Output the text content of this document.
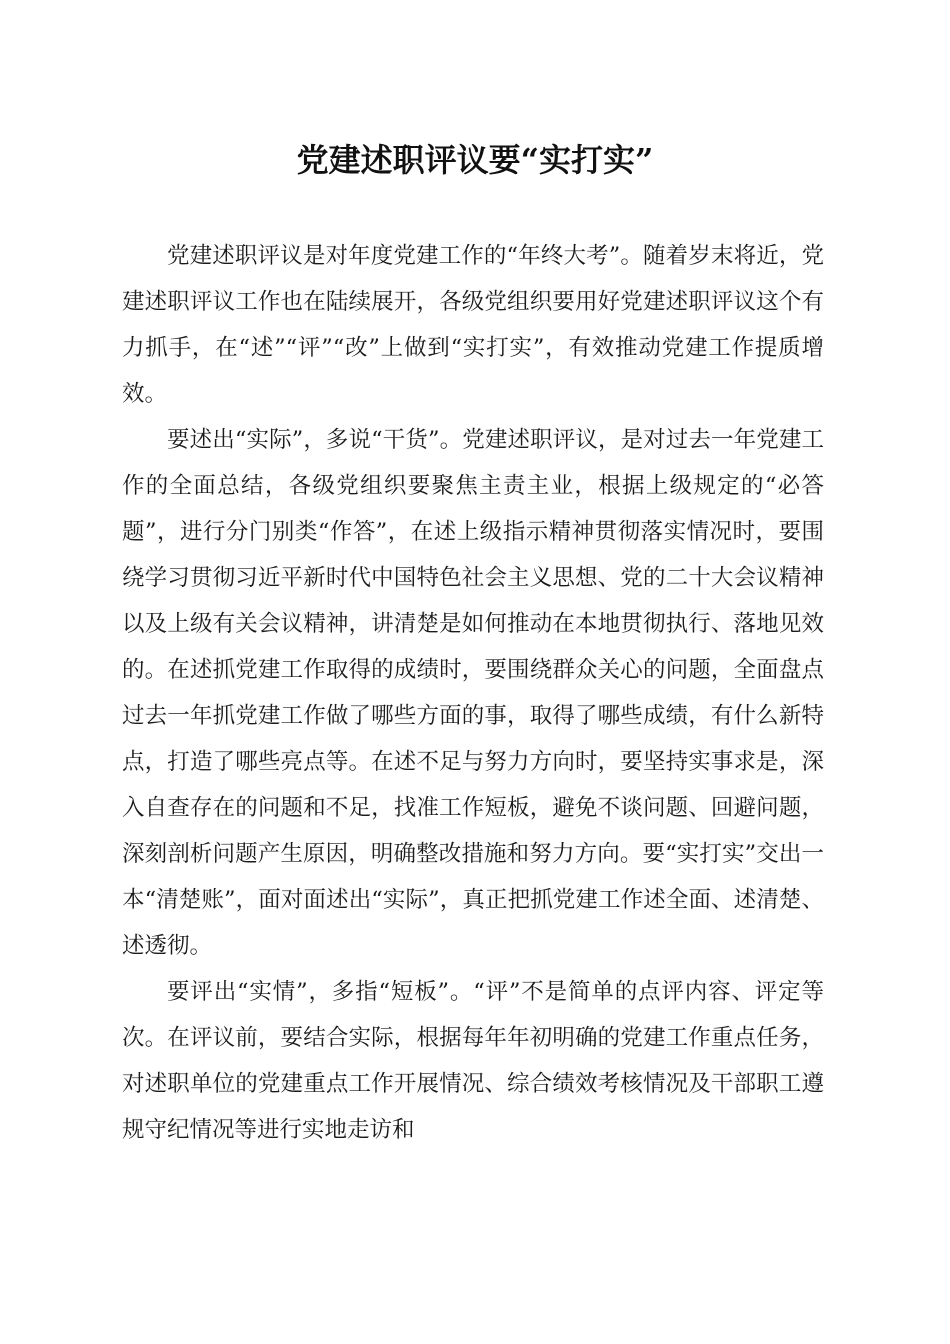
党建述职评议要“实打实”

党建述职评议是对年度党建工作的“年终大考”。随着岁末将近，党建述职评议工作也在陆续展开，各级党组织要用好党建述职评议这个有力抓手，在“述”“评”“改”上做到“实打实”，有效推动党建工作提质增效。

要述出“实际”，多说“干货”。党建述职评议，是对过去一年党建工作的全面总结，各级党组织要聚焦主责主业，根据上级规定的“必答题”，进行分门别类“作答”，在述上级指示精神贯彻落实情况时，要围绕学习贯彻习近平新时代中国特色社会主义思想、党的二十大会议精神以及上级有关会议精神，讲清楚是如何推动在本地贯彻执行、落地见效的。在述抓党建工作取得的成绩时，要围绕群众关心的问题，全面盘点过去一年抓党建工作做了哪些方面的事，取得了哪些成绩，有什么新特点，打造了哪些亮点等。在述不足与努力方向时，要坚持实事求是，深入自查存在的问题和不足，找准工作短板，避免不谈问题、回避问题，深刻剖析问题产生原因，明确整改措施和努力方向。要“实打实”交出一本“清楚账”，面对面述出“实际”，真正把抓党建工作述全面、述清楚、述透彻。

要评出“实情”，多指“短板”。“评”不是简单的点评内容、评定等次。在评议前，要结合实际，根据每年年初明确的党建工作重点任务，对述职单位的党建重点工作开展情况、综合绩效考核情况及干部职工遵规守纪情况等进行实地走访和
